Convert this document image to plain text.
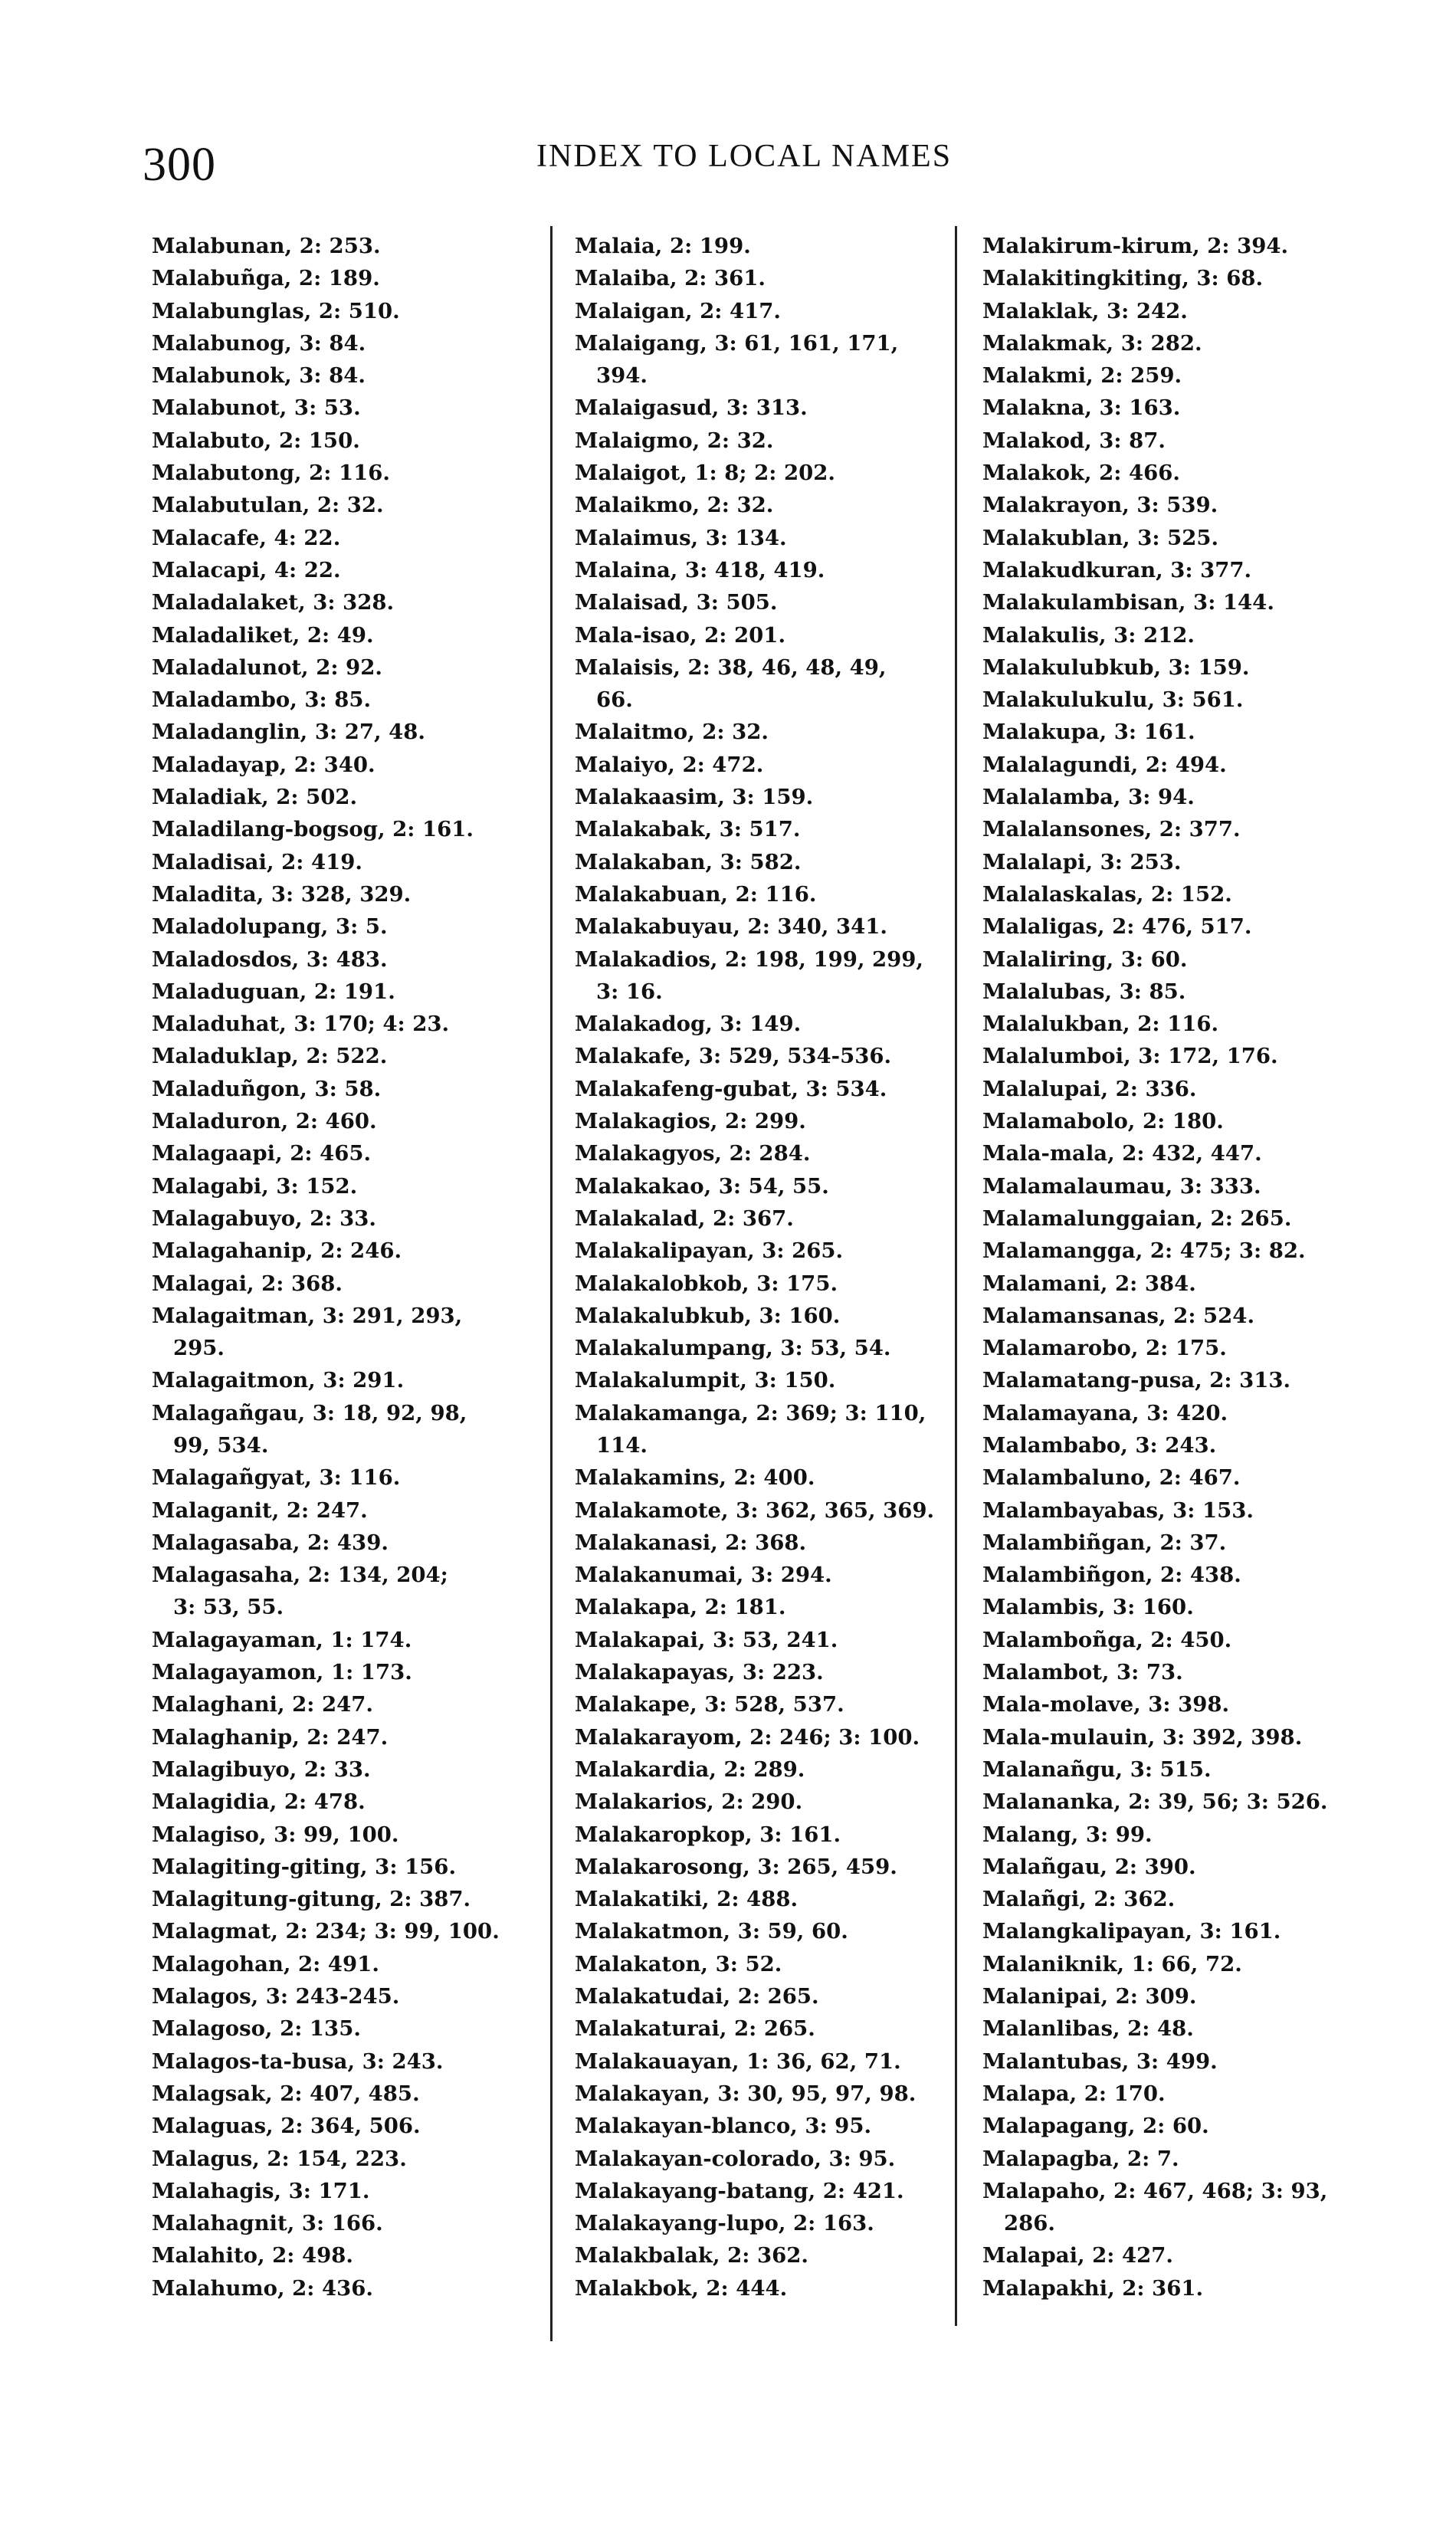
300	INDEX TO LOCAL NAMES
Malabunan, 2: 253.
Malabuñga, 2: 189.
Malabunglas, 2: 510.
Malabunog, 3: 84.
Malabunok, 3: 84.
Malabunot, 3: 53.
Malabuto, 2: 150.
Malabutong, 2: 116.
Malabutulan, 2: 32.
Malacafe, 4: 22.
Malacapi, 4: 22.
Maladalaket, 3: 328.
Maladaliket, 2: 49.
Maladalunot, 2: 92.
Maladambo, 3: 85.
Maladanglin, 3: 27, 48.
Maladayap, 2: 340.
Maladiak, 2: 502.
Maladilang-bogsog, 2: 161.
Maladisai, 2: 419.
Maladita, 3: 328, 329.
Maladolupang, 3: 5.
Maladosdos, 3: 483.
Maladuguan, 2: 191.
Maladuhat, 3: 170; 4: 23.
Maladuklap, 2: 522.
Maladuñgon, 3: 58.
Maladuron, 2: 460.
Malagaapi, 2: 465.
Malagabi, 3: 152.
Malagabuyo, 2: 33.
Malagahanip, 2: 246.
Malagai, 2: 368.
Malagaitman, 3: 291, 293,
295.
Malagaitmon, 3: 291.
Malagañgau, 3: 18, 92, 98,
99, 534.
Malagañgyat, 3: 116.
Malaganit, 2: 247.
Malagasaba, 2: 439.
Malagasaha, 2: 134, 204;
3: 53, 55.
Malagayaman, 1: 174.
Malagayamon, 1: 173.
Malaghani, 2: 247.
Malaghanip, 2: 247.
Malagibuyo, 2: 33.
Malagidia, 2: 478.
Malagiso, 3: 99, 100.
Malagiting-giting, 3: 156.
Malagitung-gitung, 2: 387.
Malagmat, 2: 234; 3: 99, 100.
Malagohan, 2: 491.
Malagos, 3: 243-245.
Malagoso, 2: 135.
Malagos-ta-busa, 3: 243.
Malagsak, 2: 407, 485.
Malaguas, 2: 364, 506.
Malagus, 2: 154, 223.
Malahagis, 3: 171.
Malahagnit, 3: 166.
Malahito, 2: 498.
Malahumo, 2: 436.
Malaia, 2: 199.
Malaiba, 2: 361.
Malaigan, 2: 417.
Malaigang, 3: 61, 161, 171,
394.
Malaigasud, 3: 313.
Malaigmo, 2: 32.
Malaigot, 1: 8; 2: 202.
Malaikmo, 2: 32.
Malaimus, 3: 134.
Malaina, 3: 418, 419.
Malaisad, 3: 505.
Mala-isao, 2: 201.
Malaisis, 2: 38, 46, 48, 49,
66.
Malaitmo, 2: 32.
Malaiyo, 2: 472.
Malakaasim, 3: 159.
Malakabak, 3: 517.
Malakaban, 3: 582.
Malakabuan, 2: 116.
Malakabuyau, 2: 340, 341.
Malakadios, 2: 198, 199, 299,
3: 16.
Malakadog, 3: 149.
Malakafe, 3: 529, 534-536.
Malakafeng-gubat, 3: 534.
Malakagios, 2: 299.
Malakagyos, 2: 284.
Malakakao, 3: 54, 55.
Malakalad, 2: 367.
Malakalipayan, 3: 265.
Malakalobkob, 3: 175.
Malakalubkub, 3: 160.
Malakalumpang, 3: 53, 54.
Malakalumpit, 3: 150.
Malakamanga, 2: 369; 3: 110,
114.
Malakamins, 2: 400.
Malakamote, 3: 362, 365, 369.
Malakanasi, 2: 368.
Malakanumai, 3: 294.
Malakapa, 2: 181.
Malakapai, 3: 53, 241.
Malakapayas, 3: 223.
Malakape, 3: 528, 537.
Malakarayom, 2: 246; 3: 100.
Malakardia, 2: 289.
Malakarios, 2: 290.
Malakaropkop, 3: 161.
Malakarosong, 3: 265, 459.
Malakatiki, 2: 488.
Malakatmon, 3: 59, 60.
Malakaton, 3: 52.
Malakatudai, 2: 265.
Malakaturai, 2: 265.
Malakauayan, 1: 36, 62, 71.
Malakayan, 3: 30, 95, 97, 98.
Malakayan-blanco, 3: 95.
Malakayan-colorado, 3: 95.
Malakayang-batang, 2: 421.
Malakayang-lupo, 2: 163.
Malakbalak, 2: 362.
Malakbok, 2: 444.
Malakirum-kirum, 2: 394.
Malakitingkiting, 3: 68.
Malaklak, 3: 242.
Malakmak, 3: 282.
Malakmi, 2: 259.
Malakna, 3: 163.
Malakod, 3: 87.
Malakok, 2: 466.
Malakrayon, 3: 539.
Malakublan, 3: 525.
Malakudkuran, 3: 377.
Malakulambisan, 3: 144.
Malakulis, 3: 212.
Malakulubkub, 3: 159.
Malakulukulu, 3: 561.
Malakupa, 3: 161.
Malalagundi, 2: 494.
Malalamba, 3: 94.
Malalansones, 2: 377.
Malalapi, 3: 253.
Malalaskalas, 2: 152.
Malaligas, 2: 476, 517.
Malaliring, 3: 60.
Malalubas, 3: 85.
Malalukban, 2: 116.
Malalumboi, 3: 172, 176.
Malalupai, 2: 336.
Malamabolo, 2: 180.
Mala-mala, 2: 432, 447.
Malamalaumau, 3: 333.
Malamalunggaian, 2: 265.
Malamangga, 2: 475; 3: 82.
Malamani, 2: 384.
Malamansanas, 2: 524.
Malamarobo, 2: 175.
Malamatang-pusa, 2: 313.
Malamayana, 3: 420.
Malambabo, 3: 243.
Malambaluno, 2: 467.
Malambayabas, 3: 153.
Malambiñgan, 2: 37.
Malambiñgon, 2: 438.
Malambis, 3: 160.
Malamboñga, 2: 450.
Malambot, 3: 73.
Mala-molave, 3: 398.
Mala-mulauin, 3: 392, 398.
Malanañgu, 3: 515.
Malananka, 2: 39, 56; 3: 526.
Malang, 3: 99.
Malañgau, 2: 390.
Malañgi, 2: 362.
Malangkalipayan, 3: 161.
Malaniknik, 1: 66, 72.
Malanipai, 2: 309.
Malanlibas, 2: 48.
Malantubas, 3: 499.
Malapa, 2: 170.
Malapagang, 2: 60.
Malapagba, 2: 7.
Malapaho, 2: 467, 468; 3: 93,
286.
Malapai, 2: 427.
Malapakhi, 2: 361.
